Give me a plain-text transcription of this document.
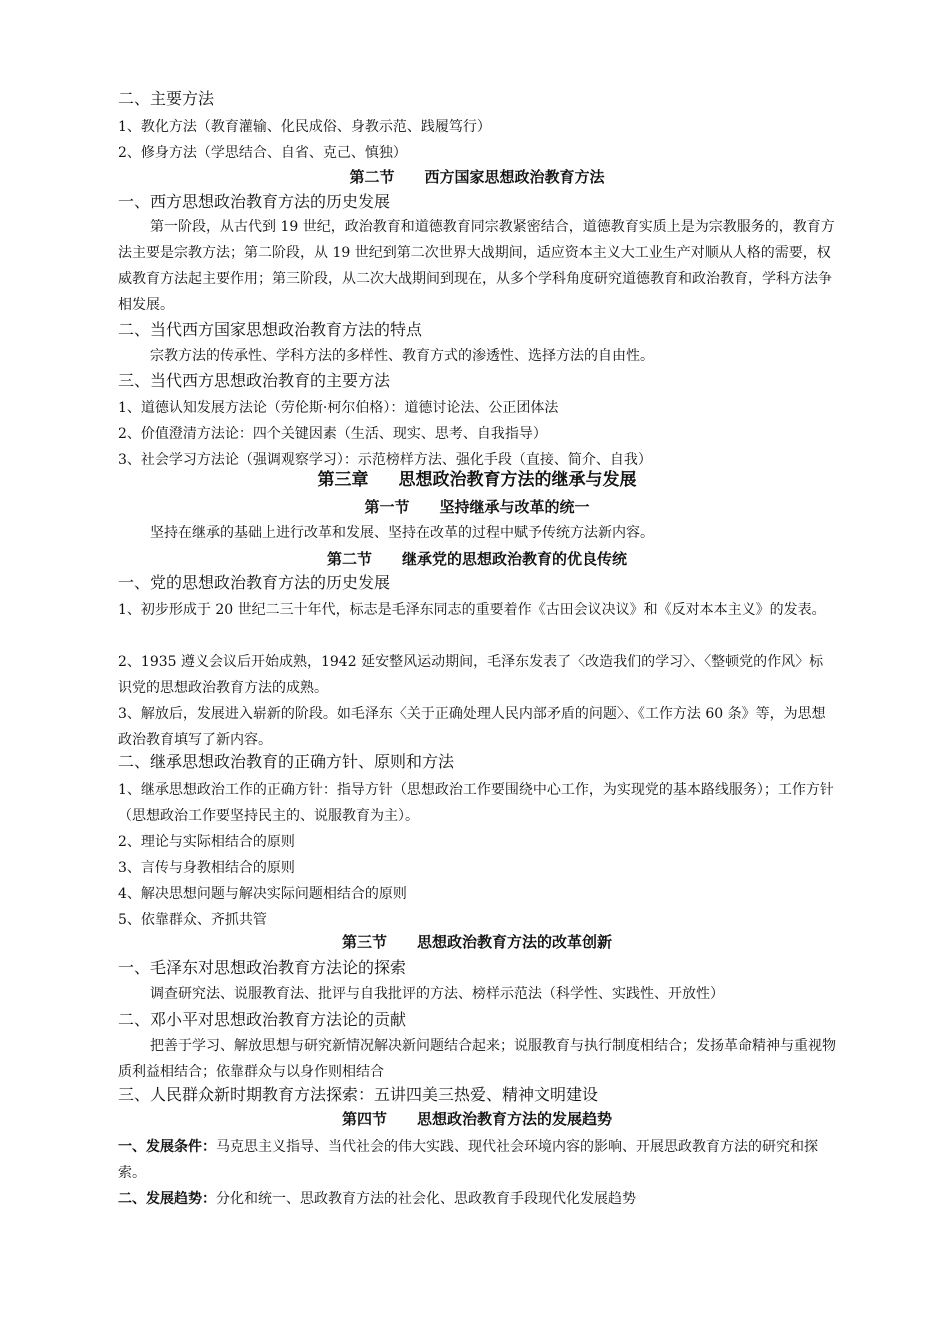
二、主要方法

1、教化方法（教育灌输、化民成俗、身教示范、践履笃行）

2、修身方法（学思结合、自省、克己、慎独）

第二节 西方国家思想政治教育方法

一、西方思想政治教育方法的历史发展

第一阶段，从古代到 19 世纪，政治教育和道德教育同宗教紧密结合，道德教育实质上是为宗教服务的，教育方法主要是宗教方法；第二阶段，从 19 世纪到第二次世界大战期间，适应资本主义大工业生产对顺从人格的需要，权威教育方法起主要作用；第三阶段，从二次大战期间到现在，从多个学科角度研究道德教育和政治教育，学科方法争相发展。

二、当代西方国家思想政治教育方法的特点

宗教方法的传承性、学科方法的多样性、教育方式的渗透性、选择方法的自由性。

三、当代西方思想政治教育的主要方法

1、道德认知发展方法论（劳伦斯·柯尔伯格）：道德讨论法、公正团体法

2、价值澄清方法论：四个关键因素（生活、现实、思考、自我指导）

3、社会学习方法论（强调观察学习）：示范榜样方法、强化手段（直接、简介、自我）

第三章 思想政治教育方法的继承与发展

第一节 坚持继承与改革的统一

坚持在继承的基础上进行改革和发展、坚持在改革的过程中赋予传统方法新内容。

第二节 继承党的思想政治教育的优良传统

一、党的思想政治教育方法的历史发展

1、初步形成于 20 世纪二三十年代，标志是毛泽东同志的重要着作《古田会议决议》和《反对本本主义》的发表。

2、1935 遵义会议后开始成熟，1942 延安整风运动期间，毛泽东发表了〈改造我们的学习〉、〈整顿党的作风〉标识党的思想政治教育方法的成熟。

3、解放后，发展进入崭新的阶段。如毛泽东〈关于正确处理人民内部矛盾的问题〉、《工作方法 60 条》等，为思想政治教育填写了新内容。

二、继承思想政治教育的正确方针、原则和方法

1、继承思想政治工作的正确方针：指导方针（思想政治工作要围绕中心工作，为实现党的基本路线服务）；工作方针（思想政治工作要坚持民主的、说服教育为主）。

2、理论与实际相结合的原则

3、言传与身教相结合的原则

4、解决思想问题与解决实际问题相结合的原则

5、依靠群众、齐抓共管

第三节 思想政治教育方法的改革创新

一、毛泽东对思想政治教育方法论的探索

调查研究法、说服教育法、批评与自我批评的方法、榜样示范法（科学性、实践性、开放性）

二、邓小平对思想政治教育方法论的贡献

把善于学习、解放思想与研究新情况解决新问题结合起来；说服教育与执行制度相结合；发扬革命精神与重视物质利益相结合；依靠群众与以身作则相结合

三、人民群众新时期教育方法探索：五讲四美三热爱、精神文明建设

第四节 思想政治教育方法的发展趋势

一、发展条件：马克思主义指导、当代社会的伟大实践、现代社会环境内容的影响、开展思政教育方法的研究和探索。

二、发展趋势：分化和统一、思政教育方法的社会化、思政教育手段现代化发展趋势
